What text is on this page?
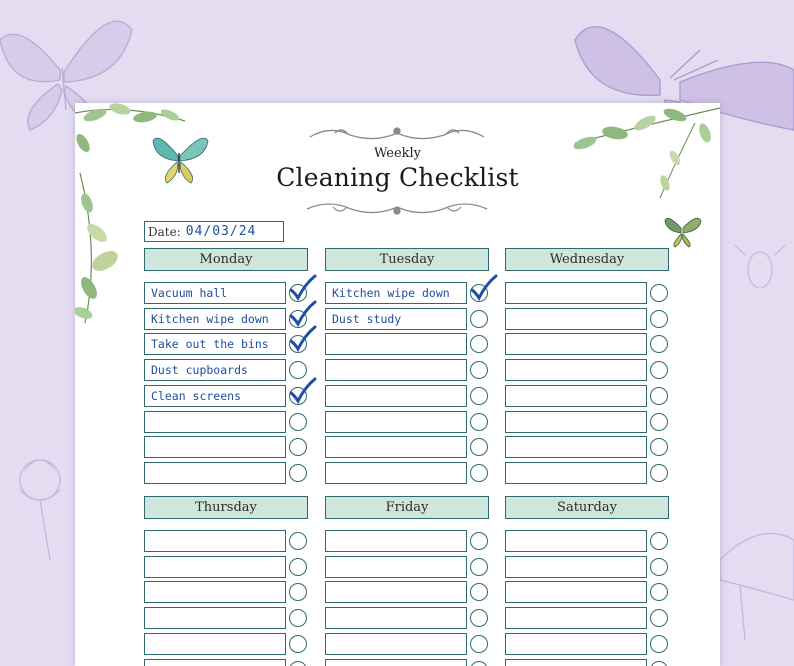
Weekly
Cleaning Checklist
Date: 04/03/24
Monday
Vacuum hall
Kitchen wipe down
Take out the bins
Dust cupboards
Clean screens
Tuesday
Kitchen wipe down
Dust study
Wednesday
Thursday	Friday	Saturday
